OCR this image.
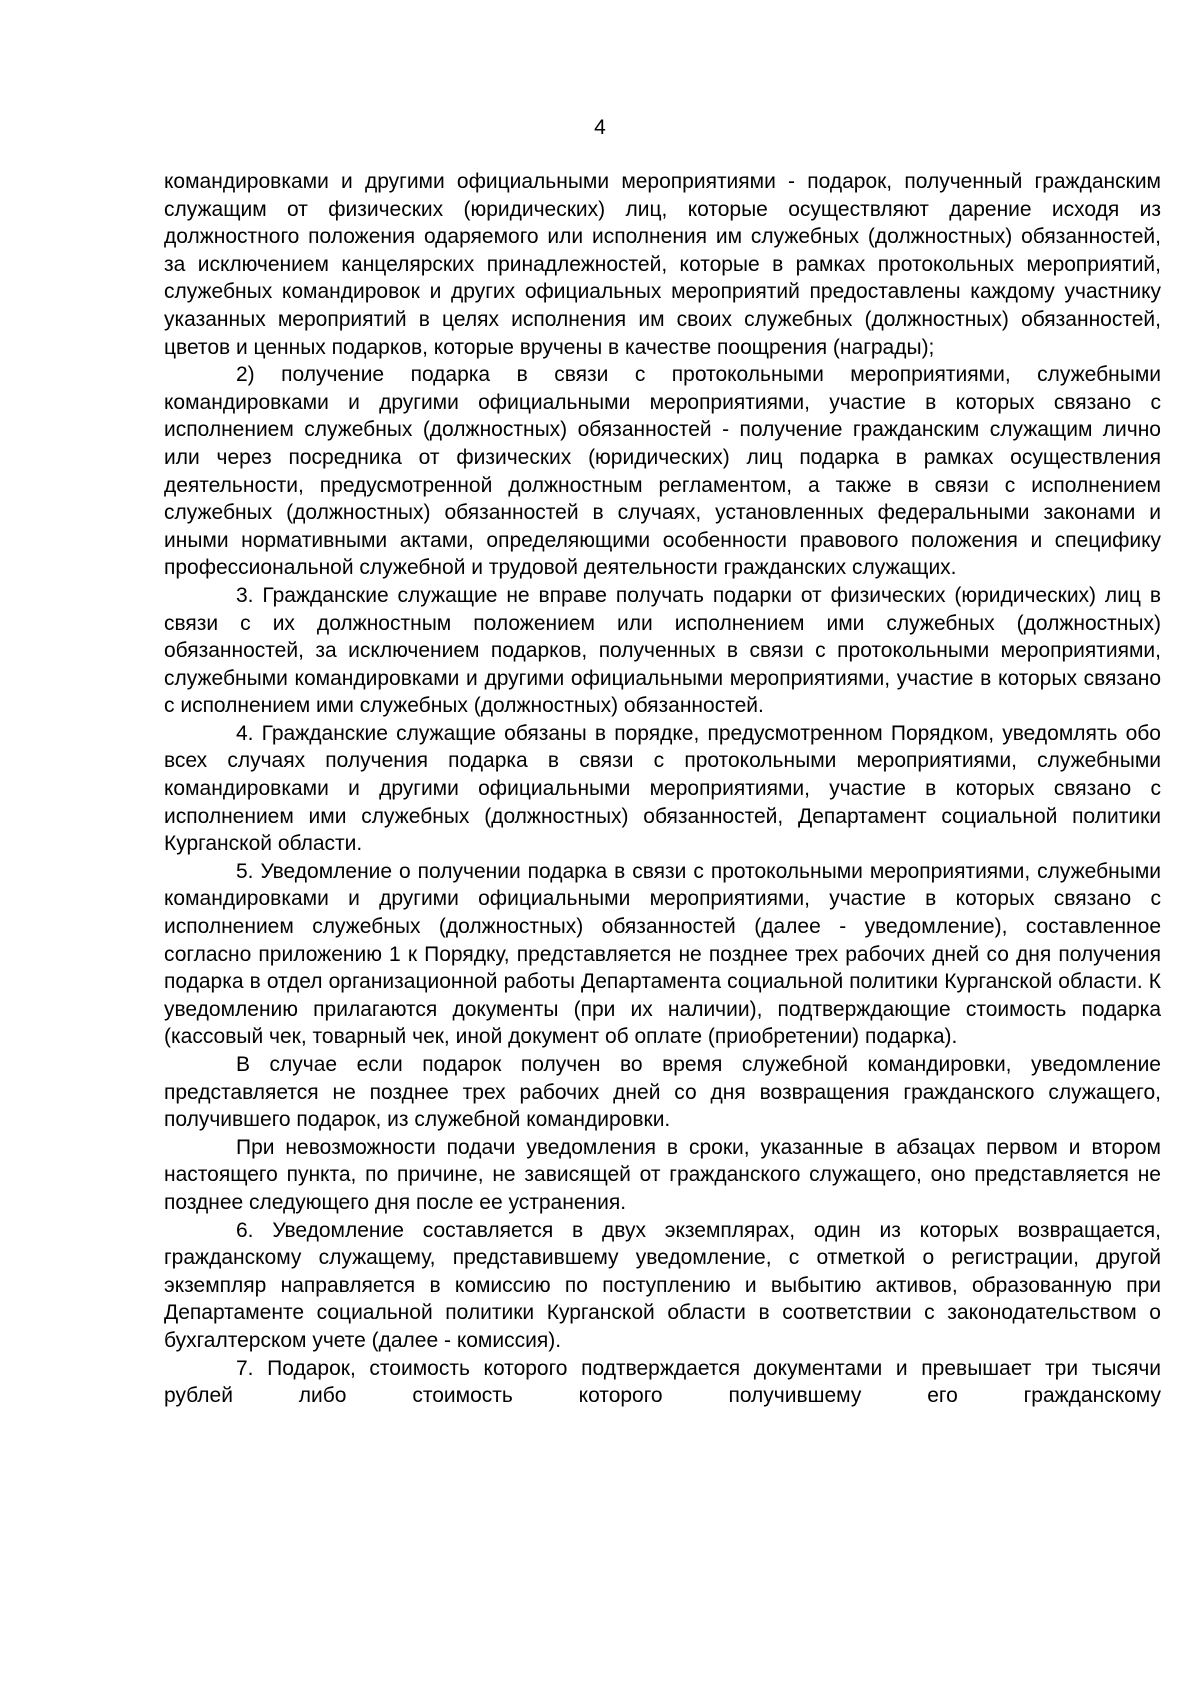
4

командировками и другими официальными мероприятиями - подарок, полученный гражданским служащим от физических (юридических) лиц, которые осуществляют дарение исходя из должностного положения одаряемого или исполнения им служебных (должностных) обязанностей, за исключением канцелярских принадлежностей, которые в рамках протокольных мероприятий, служебных командировок и других официальных мероприятий предоставлены каждому участнику указанных мероприятий в целях исполнения им своих служебных (должностных) обязанностей, цветов и ценных подарков, которые вручены в качестве поощрения (награды);

2) получение подарка в связи с протокольными мероприятиями, служебными командировками и другими официальными мероприятиями, участие в которых связано с исполнением служебных (должностных) обязанностей - получение гражданским служащим лично или через посредника от физических (юридических) лиц подарка в рамках осуществления деятельности, предусмотренной должностным регламентом, а также в связи с исполнением служебных (должностных) обязанностей в случаях, установленных федеральными законами и иными нормативными актами, определяющими особенности правового положения и специфику профессиональной служебной и трудовой деятельности гражданских служащих.

3. Гражданские служащие не вправе получать подарки от физических (юридических) лиц в связи с их должностным положением или исполнением ими служебных (должностных) обязанностей, за исключением подарков, полученных в связи с протокольными мероприятиями, служебными командировками и другими официальными мероприятиями, участие в которых связано с исполнением ими служебных (должностных) обязанностей.

4. Гражданские служащие обязаны в порядке, предусмотренном Порядком, уведомлять обо всех случаях получения подарка в связи с протокольными мероприятиями, служебными командировками и другими официальными мероприятиями, участие в которых связано с исполнением ими служебных (должностных) обязанностей, Департамент социальной политики Курганской области.

5. Уведомление о получении подарка в связи с протокольными мероприятиями, служебными командировками и другими официальными мероприятиями, участие в которых связано с исполнением служебных (должностных) обязанностей (далее - уведомление), составленное согласно приложению 1 к Порядку, представляется не позднее трех рабочих дней со дня получения подарка в отдел организационной работы Департамента социальной политики Курганской области. К уведомлению прилагаются документы (при их наличии), подтверждающие стоимость подарка (кассовый чек, товарный чек, иной документ об оплате (приобретении) подарка).

В случае если подарок получен во время служебной командировки, уведомление представляется не позднее трех рабочих дней со дня возвращения гражданского служащего, получившего подарок, из служебной командировки.

При невозможности подачи уведомления в сроки, указанные в абзацах первом и втором настоящего пункта, по причине, не зависящей от гражданского служащего, оно представляется не позднее следующего дня после ее устранения.

6. Уведомление составляется в двух экземплярах, один из которых возвращается, гражданскому служащему, представившему уведомление, с отметкой о регистрации, другой экземпляр направляется в комиссию по поступлению и выбытию активов, образованную при Департаменте социальной политики Курганской области в соответствии с законодательством о бухгалтерском учете (далее - комиссия).

7. Подарок, стоимость которого подтверждается документами и превышает три тысячи рублей либо стоимость которого получившему его гражданскому
